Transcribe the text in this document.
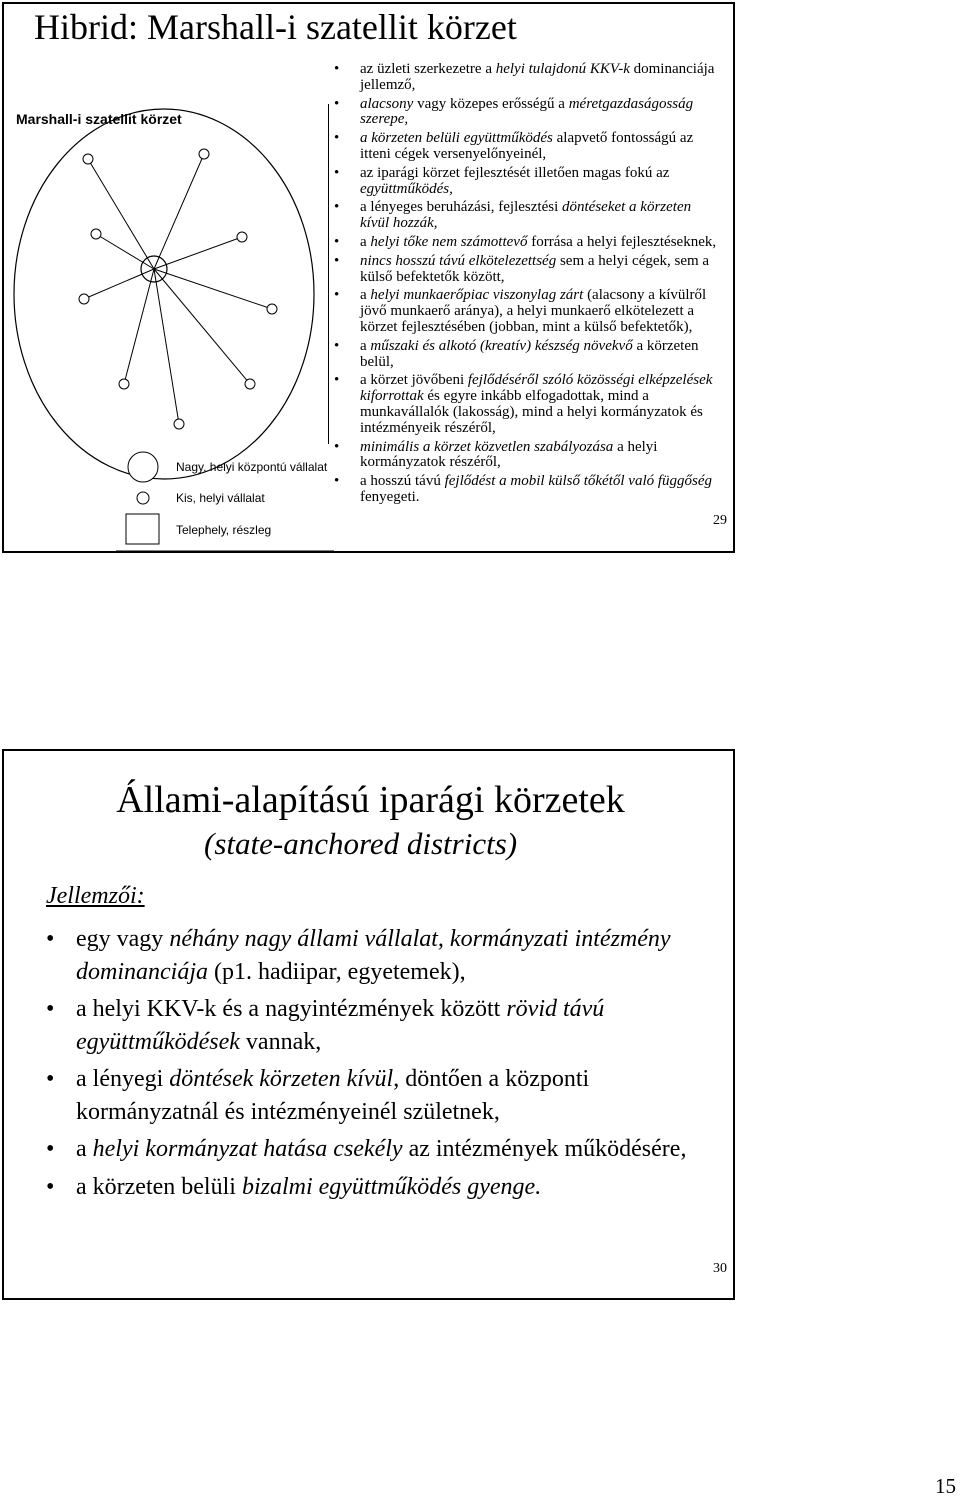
Hibrid: Marshall-i szatellit körzet
Marshall-i szatellit körzet
Nagy, helyi központú vállalat
Kis, helyi vállalat
Telephely, részleg
• az üzleti szerkezetre a helyi tulajdonú KKV-k dominanciája jellemző,
• alacsony vagy közepes erősségű a méretgazdaságosság szerepe,
• a körzeten belüli együttműködés alapvető fontosságú az itteni cégek versenyelőnyeinél,
• az iparági körzet fejlesztését illetően magas fokú az együttműködés,
• a lényeges beruházási, fejlesztési döntéseket a körzeten kívül hozzák,
• a helyi tőke nem számottevő forrása a helyi fejlesztéseknek,
• nincs hosszú távú elkötelezettség sem a helyi cégek, sem a külső befektetők között,
• a helyi munkaerőpiac viszonylag zárt (alacsony a kívülről jövő munkaerő aránya), a helyi munkaerő elkötelezett a körzet fejlesztésében (jobban, mint a külső befektetők),
• a műszaki és alkotó (kreatív) készség növekvő a körzeten belül,
• a körzet jövőbeni fejlődéséről szóló közösségi elképzelések kiforrottak és egyre inkább elfogadottak, mind a munkavállalók (lakosság), mind a helyi kormányzatok és intézményeik részéről,
• minimális a körzet közvetlen szabályozása a helyi kormányzatok részéről,
• a hosszú távú fejlődést a mobil külső tőkétől való függőség fenyegeti.
29
Állami-alapítású iparági körzetek
(state-anchored districts)
Jellemzői:
• egy vagy néhány nagy állami vállalat, kormányzati intézmény dominanciája (p1. hadiipar, egyetemek),
• a helyi KKV-k és a nagyintézmények között rövid távú együttműködések vannak,
• a lényegi döntések körzeten kívül, döntően a központi kormányzatnál és intézményeinél születnek,
• a helyi kormányzat hatása csekély az intézmények működésére,
• a körzeten belüli bizalmi együttműködés gyenge.
30
15
